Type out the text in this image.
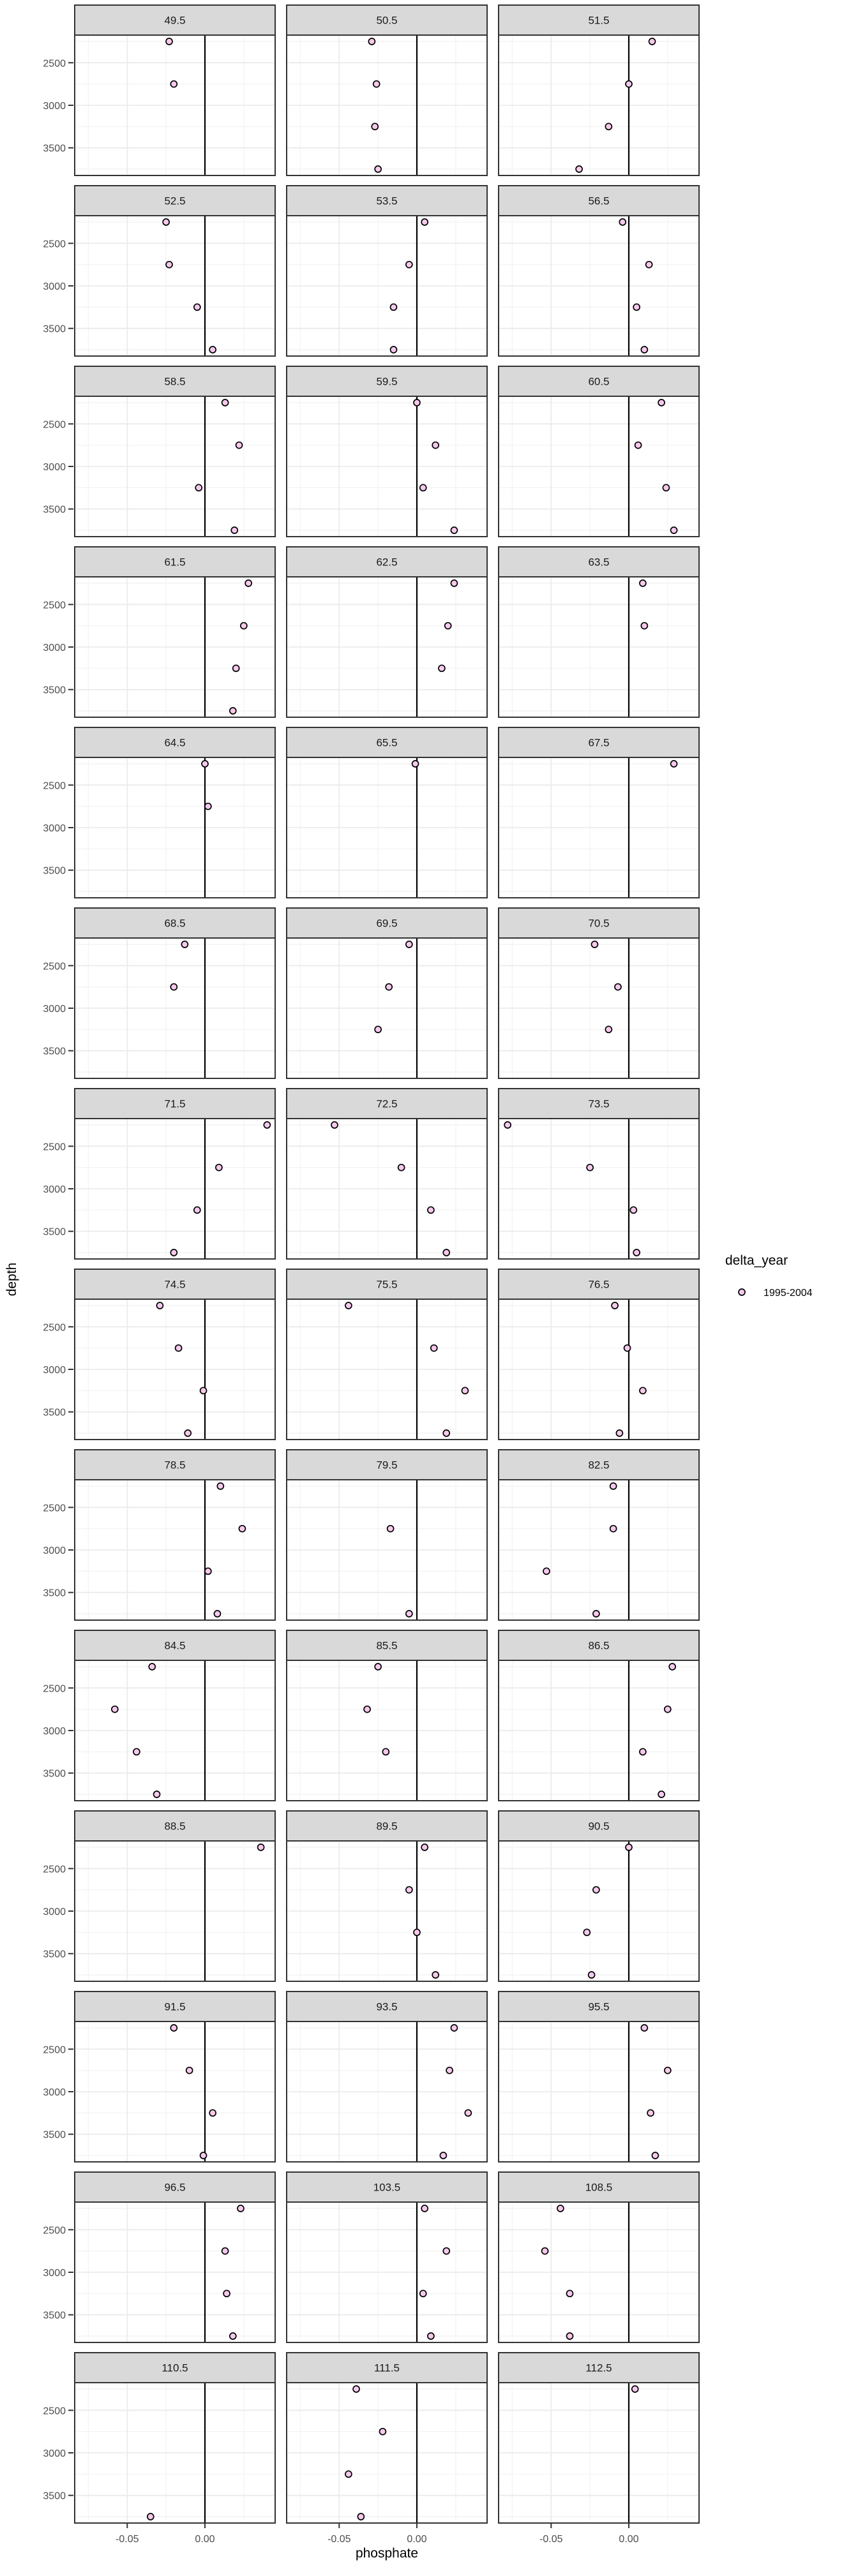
49.5
2500
3000
3500
50.5	51.5
52.5
2500
3000
3500
53.5	56.5
58.5
2500
3000
3500
59.5	60.5
61.5
2500
3000
3500
62.5	63.5
64.5
2500
3000
3500
65.5	67.5
68.5
2500
3000
3500
69.5	70.5
71.5
2500
3000
3500
72.5	73.5
74.5
2500
3000
3500
75.5	76.5
78.5
2500
3000
3500
79.5	82.5
84.5
2500
3000
3500
85.5	86.5
88.5
2500
3000
3500
89.5	90.5
91.5
2500
3000
3500
93.5	95.5
96.5
2500
3000
3500
103.5	108.5
110.5
2500
3000
3500
-0.05	0.00
111.5
-0.05	0.00
112.5
-0.05	0.00
phosphate
depth
delta_year
1995-2004
